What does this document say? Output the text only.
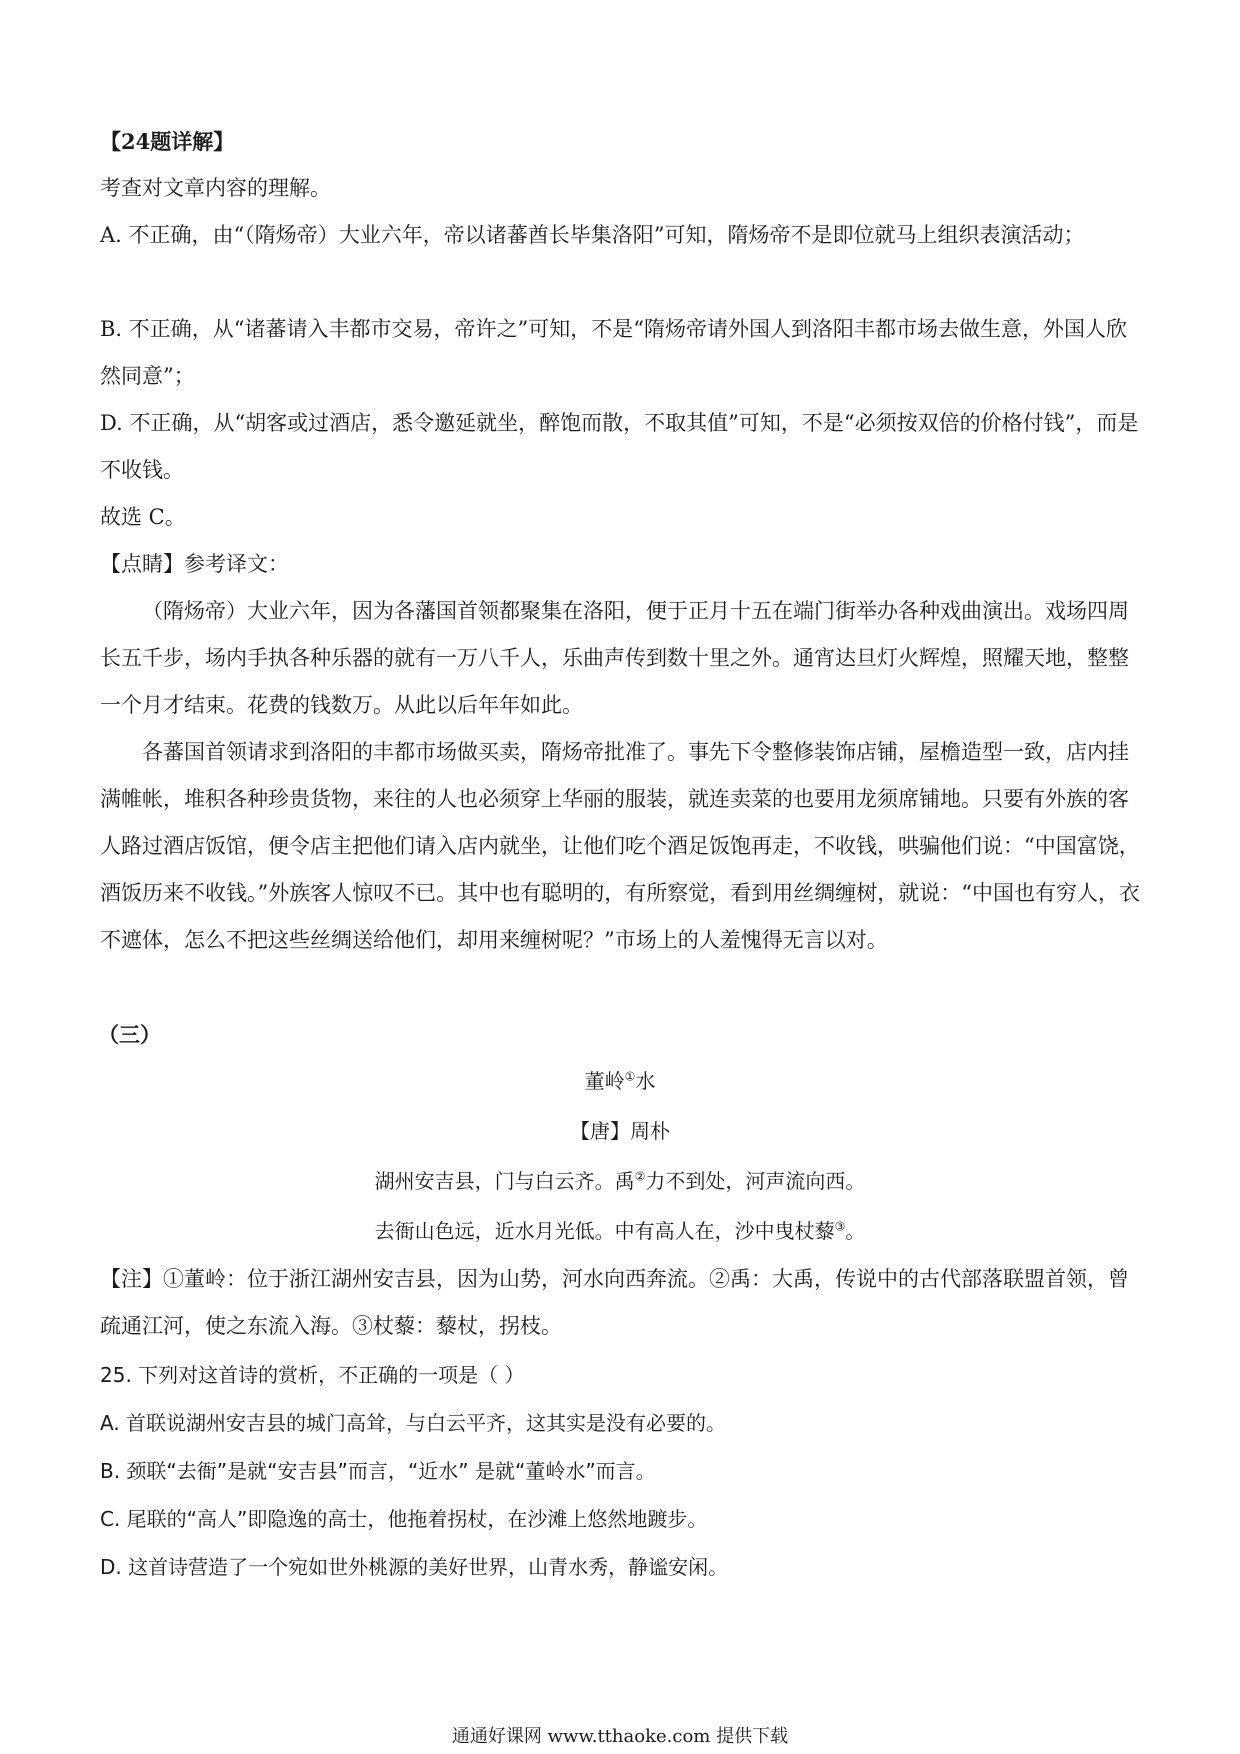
【24题详解】

考查对文章内容的理解。

A. 不正确，由“（隋炀帝）大业六年，帝以诸蕃酋长毕集洛阳”可知，隋炀帝不是即位就马上组织表演活动；

B. 不正确，从“诸蕃请入丰都市交易，帝许之”可知，不是“隋炀帝请外国人到洛阳丰都市场去做生意，外国人欣然同意”；

D. 不正确，从“胡客或过酒店，悉令邀延就坐，醉饱而散，不取其值”可知，不是“必须按双倍的价格付钱”，而是不收钱。

故选 C。

【点睛】参考译文：

（隋炀帝）大业六年，因为各藩国首领都聚集在洛阳，便于正月十五在端门街举办各种戏曲演出。戏场四周长五千步，场内手执各种乐器的就有一万八千人，乐曲声传到数十里之外。通宵达旦灯火辉煌，照耀天地，整整一个月才结束。花费的钱数万。从此以后年年如此。

各蕃国首领请求到洛阳的丰都市场做买卖，隋炀帝批准了。事先下令整修装饰店铺，屋檐造型一致，店内挂满帷帐，堆积各种珍贵货物，来往的人也必须穿上华丽的服装，就连卖菜的也要用龙须席铺地。只要有外族的客人路过酒店饭馆，便令店主把他们请入店内就坐，让他们吃个酒足饭饱再走，不收钱，哄骗他们说：“中国富饶，酒饭历来不收钱。”外族客人惊叹不已。其中也有聪明的，有所察觉，看到用丝绸缠树，就说：“中国也有穷人，衣不遮体，怎么不把这些丝绸送给他们，却用来缠树呢？”市场上的人羞愧得无言以对。

（三）

董岭①水

【唐】周朴

湖州安吉县，门与白云齐。禹②力不到处，河声流向西。

去衙山色远，近水月光低。中有高人在，沙中曳杖藜③。

【注】①董岭：位于浙江湖州安吉县，因为山势，河水向西奔流。②禹：大禹，传说中的古代部落联盟首领，曾疏通江河，使之东流入海。③杖藜：藜杖，拐枝。

25. 下列对这首诗的赏析，不正确的一项是（ ）

A. 首联说湖州安吉县的城门高耸，与白云平齐，这其实是没有必要的。

B. 颈联“去衙”是就“安吉县”而言，“近水” 是就“董岭水”而言。

C. 尾联的“高人”即隐逸的高士，他拖着拐杖，在沙滩上悠然地踱步。

D. 这首诗营造了一个宛如世外桃源的美好世界，山青水秀，静谧安闲。

通通好课网 www.tthaoke.com 提供下载
